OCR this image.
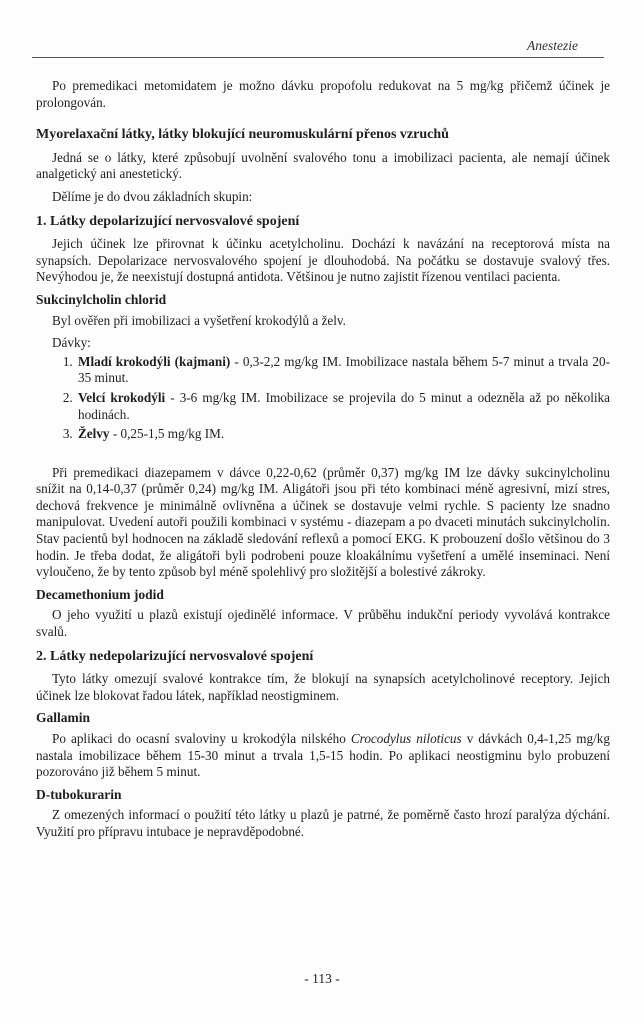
Anestezie

Po premedikaci metomidatem je možno dávku propofolu redukovat na 5 mg/kg přičemž účinek je prolongován.

Myorelaxační látky, látky blokující neuromuskulární přenos vzruchů

Jedná se o látky, které způsobují uvolnění svalového tonu a imobilizaci pacienta, ale nemají účinek analgetický ani anestetický.

Dělíme je do dvou základních skupin:

1. Látky depolarizující nervosvalové spojení

Jejich účinek lze přirovnat k účinku acetylcholinu. Dochází k navázání na receptorová místa na synapsích. Depolarizace nervosvalového spojení je dlouhodobá. Na počátku se dostavuje svalový třes. Nevýhodou je, že neexistují dostupná antidota. Většinou je nutno zajistit řízenou ventilaci pacienta.

Sukcinylcholin chlorid

Byl ověřen při imobilizaci a vyšetření krokodýlů a želv.

Dávky:

1. Mladí krokodýli (kajmani) - 0,3-2,2 mg/kg IM. Imobilizace nastala během 5-7 minut a trvala 20-35 minut.
2. Velcí krokodýli - 3-6 mg/kg IM. Imobilizace se projevila do 5 minut a odezněla až po několika hodinách.
3. Želvy - 0,25-1,5 mg/kg IM.

Při premedikaci diazepamem v dávce 0,22-0,62 (průměr 0,37) mg/kg IM lze dávky sukcinylcholinu snížit na 0,14-0,37 (průměr 0,24) mg/kg IM. Aligátoři jsou při této kombinaci méně agresivní, mizí stres, dechová frekvence je minimálně ovlivněna a účinek se dostavuje velmi rychle. S pacienty lze snadno manipulovat. Uvedení autoři použili kombinaci v systému - diazepam a po dvaceti minutách sukcinylcholin. Stav pacientů byl hodnocen na základě sledování reflexů a pomocí EKG. K probouzení došlo většinou do 3 hodin. Je třeba dodat, že aligátoři byli podrobeni pouze kloakálnímu vyšetření a umělé inseminaci. Není vyloučeno, že by tento způsob byl méně spolehlivý pro složitější a bolestivé zákroky.

Decamethonium jodid

O jeho využití u plazů existují ojedinělé informace. V průběhu indukční periody vyvolává kontrakce svalů.

2. Látky nedepolarizující nervosvalové spojení

Tyto látky omezují svalové kontrakce tím, že blokují na synapsích acetylcholinové receptory. Jejich účinek lze blokovat řadou látek, například neostigminem.

Gallamin

Po aplikaci do ocasní svaloviny u krokodýla nilského Crocodylus niloticus v dávkách 0,4-1,25 mg/kg nastala imobilizace během 15-30 minut a trvala 1,5-15 hodin. Po aplikaci neostigminu bylo probuzení pozorováno již během 5 minut.

D-tubokurarin

Z omezených informací o použití této látky u plazů je patrné, že poměrně často hrozí paralýza dýchání. Využití pro přípravu intubace je nepravděpodobné.

- 113 -
